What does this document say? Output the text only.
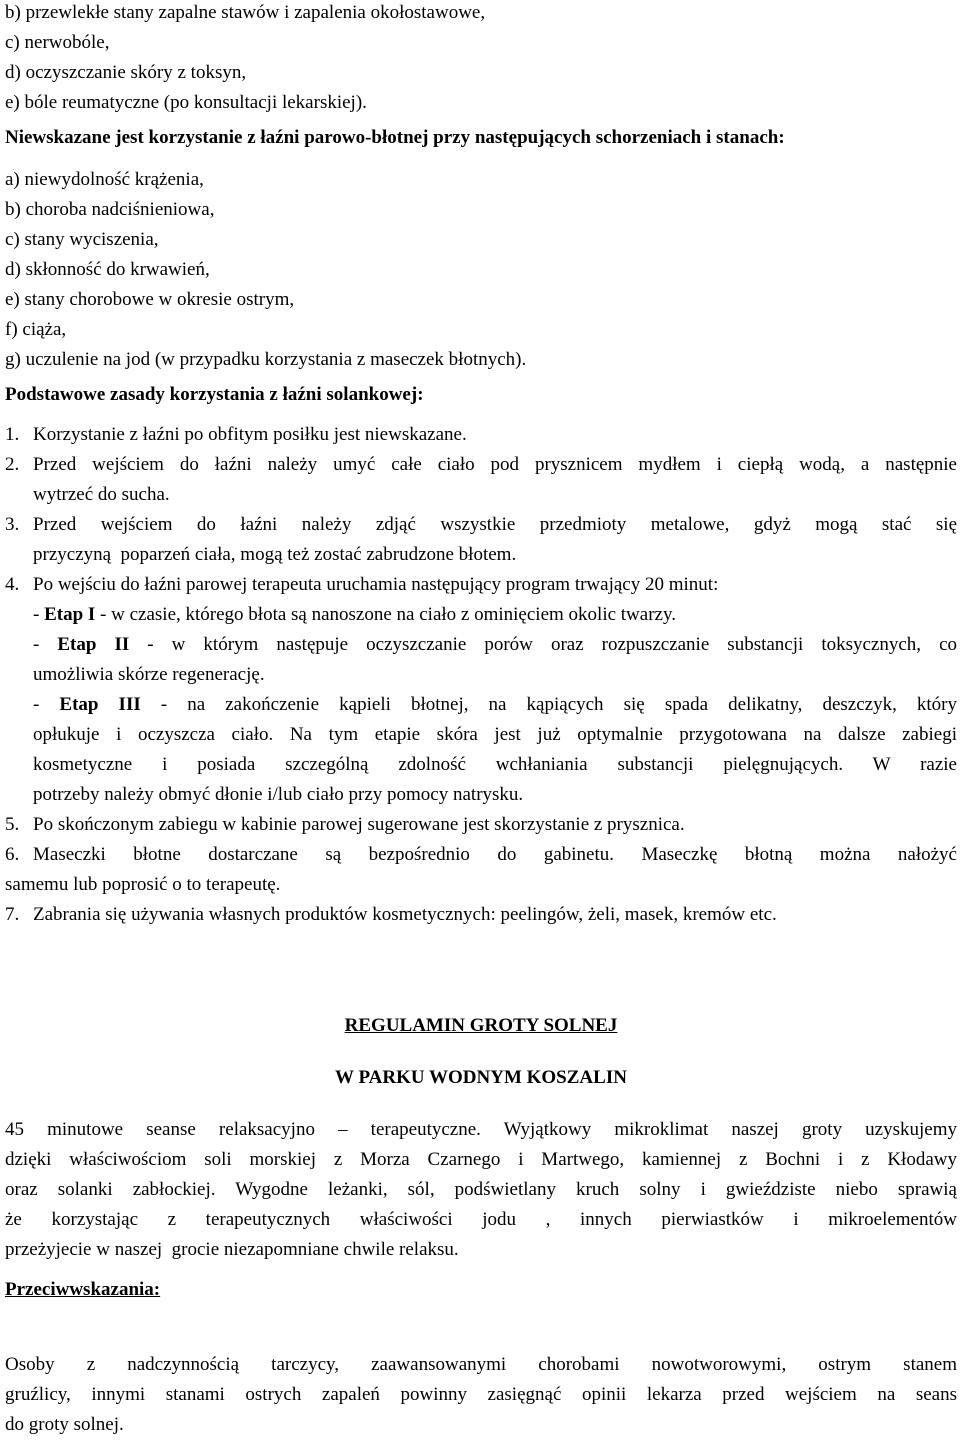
b) przewlekłe stany zapalne stawów i zapalenia okołostawowe,
c) nerwobóle,
d) oczyszczanie skóry z toksyn,
e) bóle reumatyczne (po konsultacji lekarskiej).
Niewskazane jest korzystanie z łaźni parowo-błotnej przy następujących schorzeniach i stanach:
a) niewydolność krążenia,
b) choroba nadciśnieniowa,
c) stany wyciszenia,
d) skłonność do krwawień,
e) stany chorobowe w okresie ostrym,
f) ciąża,
g) uczulenie na jod (w przypadku korzystania z maseczek błotnych).
Podstawowe zasady korzystania z łaźni solankowej:
1. Korzystanie z łaźni po obfitym posiłku jest niewskazane.
2. Przed wejściem do łaźni należy umyć całe ciało pod prysznicem mydłem i ciepłą wodą, a następnie
wytrzeć do sucha.
3. Przed wejściem do łaźni należy zdjąć wszystkie przedmioty metalowe, gdyż mogą stać się
przyczyną  poparzeń ciała, mogą też zostać zabrudzone błotem.
4. Po wejściu do łaźni parowej terapeuta uruchamia następujący program trwający 20 minut:
- Etap I - w czasie, którego błota są nanoszone na ciało z ominięciem okolic twarzy.
- Etap II - w którym następuje oczyszczanie porów oraz rozpuszczanie substancji toksycznych, co
umożliwia skórze regenerację.
- Etap III - na zakończenie kąpieli błotnej, na kąpiących się spada delikatny, deszczyk, który
opłukuje i oczyszcza ciało. Na tym etapie skóra jest już optymalnie przygotowana na dalsze zabiegi
kosmetyczne i posiada szczególną zdolność wchłaniania substancji pielęgnujących. W razie
potrzeby należy obmyć dłonie i/lub ciało przy pomocy natrysku.
5. Po skończonym zabiegu w kabinie parowej sugerowane jest skorzystanie z prysznica.
6. Maseczki błotne dostarczane są bezpośrednio do gabinetu. Maseczkę błotną można nałożyć
samemu lub poprosić o to terapeutę.
7. Zabrania się używania własnych produktów kosmetycznych: peelingów, żeli, masek, kremów etc.
REGULAMIN GROTY SOLNEJ
W PARKU WODNYM KOSZALIN
45 minutowe seanse relaksacyjno – terapeutyczne. Wyjątkowy mikroklimat naszej groty uzyskujemy
dzięki właściwościom soli morskiej z Morza Czarnego i Martwego, kamiennej z Bochni i z Kłodawy
oraz solanki zabłockiej. Wygodne leżanki, sól, podświetlany kruch solny i gwieździste niebo sprawią
że korzystając z terapeutycznych właściwości jodu , innych pierwiastków i mikroelementów
przeżyjecie w naszej  grocie niezapomniane chwile relaksu.
Przeciwwskazania:
Osoby z nadczynnością tarczycy, zaawansowanymi chorobami nowotworowymi, ostrym stanem
gruźlicy, innymi stanami ostrych zapaleń powinny zasięgnąć opinii lekarza przed wejściem na seans
do groty solnej.
